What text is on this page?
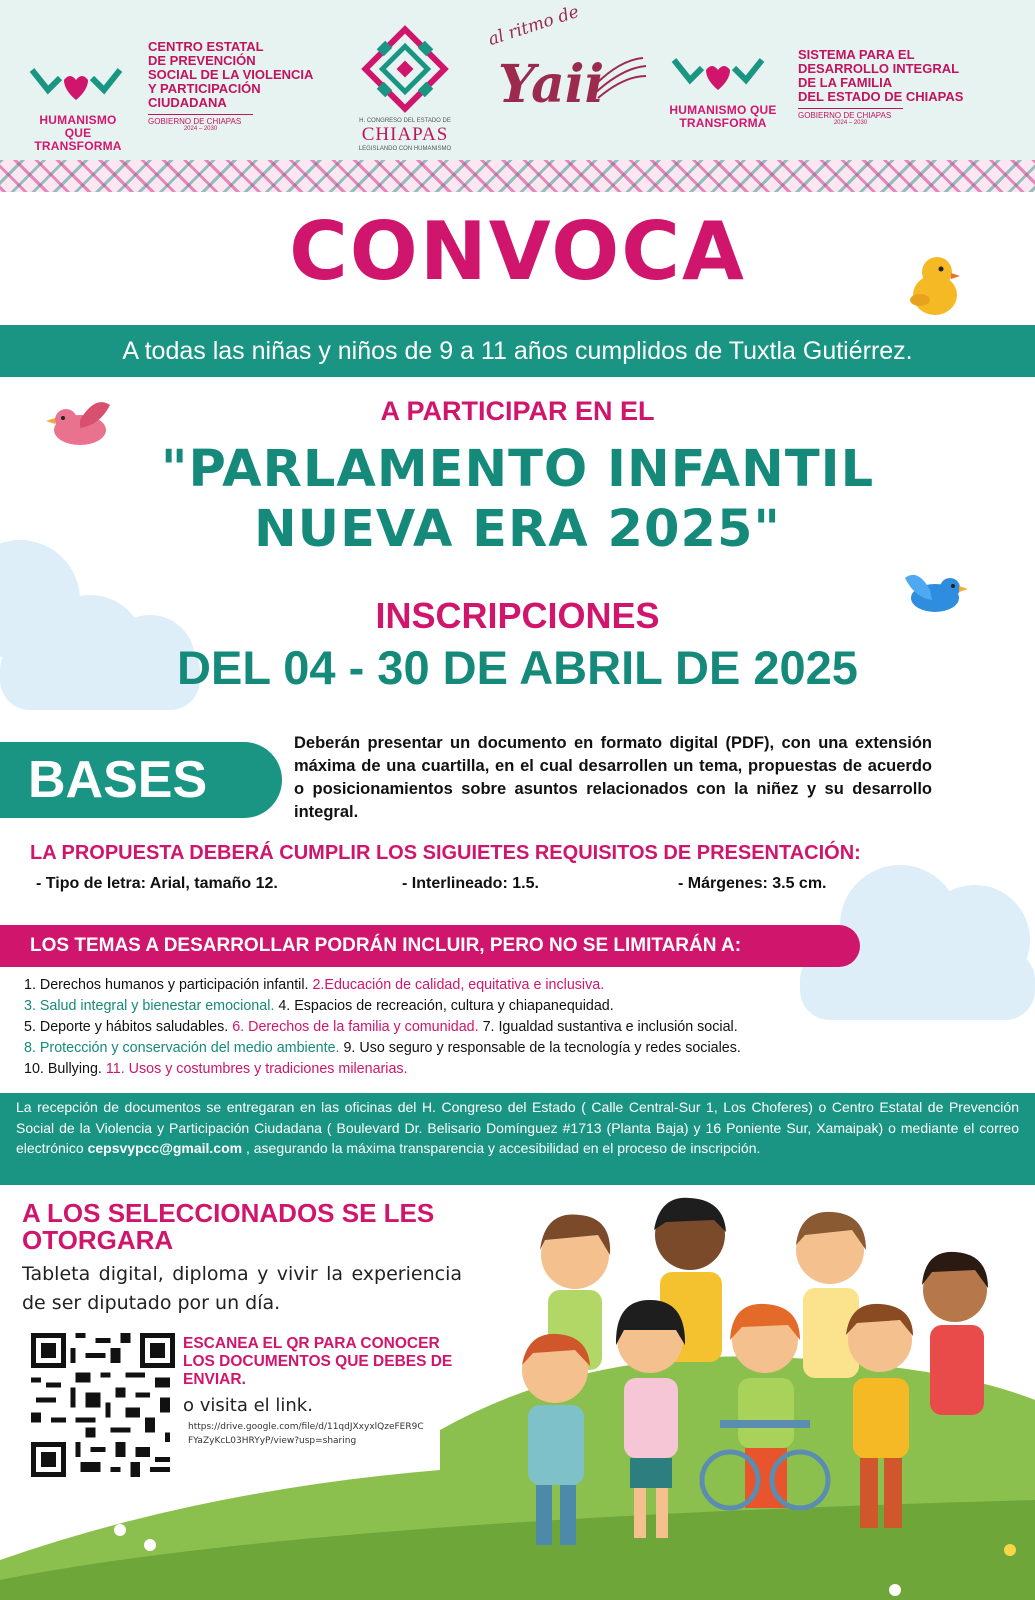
HUMANISMO QUE TRANSFORMA
CENTRO ESTATAL
DE PREVENCIÓN
SOCIAL DE LA VIOLENCIA
Y PARTICIPACIÓN
CIUDADANA
GOBIERNO DE CHIAPAS
2024 – 2030
H. CONGRESO DEL ESTADO DE
CHIAPAS
LEGISLANDO CON HUMANISMO
al ritmo de
Yaii	HUMANISMO QUE TRANSFORMA
SISTEMA PARA EL
DESARROLLO INTEGRAL
DE LA FAMILIA
DEL ESTADO DE CHIAPAS
GOBIERNO DE CHIAPAS
2024 – 2030
CONVOCA
A todas las niñas y niños de 9 a 11 años cumplidos de Tuxtla Gutiérrez.
A PARTICIPAR EN EL
"PARLAMENTO INFANTIL
NUEVA ERA 2025"
INSCRIPCIONES
DEL 04 - 30 DE ABRIL DE 2025
BASES
Deberán presentar un documento en formato digital (PDF), con una extensión máxima de una cuartilla, en el cual desarrollen un tema, propuestas de acuerdo o posicionamientos sobre asuntos relacionados con la niñez y su desarrollo integral.
LA PROPUESTA DEBERÁ CUMPLIR LOS SIGUIETES REQUISITOS DE PRESENTACIÓN:
- Tipo de letra: Arial, tamaño 12.	- Interlineado: 1.5.	- Márgenes: 3.5 cm.
LOS TEMAS A DESARROLLAR PODRÁN INCLUIR, PERO NO SE LIMITARÁN A:
1. Derechos humanos y participación infantil. 2.Educación de calidad, equitativa e inclusiva.
3. Salud integral y bienestar emocional. 4. Espacios de recreación, cultura y chiapanequidad.
5. Deporte y hábitos saludables. 6. Derechos de la familia y comunidad. 7. Igualdad sustantiva e inclusión social.
8. Protección y conservación del medio ambiente. 9. Uso seguro y responsable de la tecnología y redes sociales.
10. Bullying. 11. Usos y costumbres y tradiciones milenarias.
La recepción de documentos se entregaran en las oficinas del H. Congreso del Estado ( Calle Central-Sur 1, Los Choferes) o Centro Estatal de Prevención Social de la Violencia y Participación Ciudadana ( Boulevard Dr. Belisario Domínguez #1713 (Planta Baja) y 16 Poniente Sur, Xamaipak) o mediante el correo electrónico cepsvypcc@gmail.com , asegurando la máxima transparencia y accesibilidad en el proceso de inscripción.
A LOS SELECCIONADOS SE LES OTORGARA
Tableta digital, diploma y vivir la experiencia de ser diputado por un día.
ESCANEA EL QR PARA CONOCER LOS DOCUMENTOS QUE DEBES DE ENVIAR.
o visita el link.
https://drive.google.com/file/d/11qdJXxyxlQzeFER9CFYaZyKcL03HRYyP/view?usp=sharing
